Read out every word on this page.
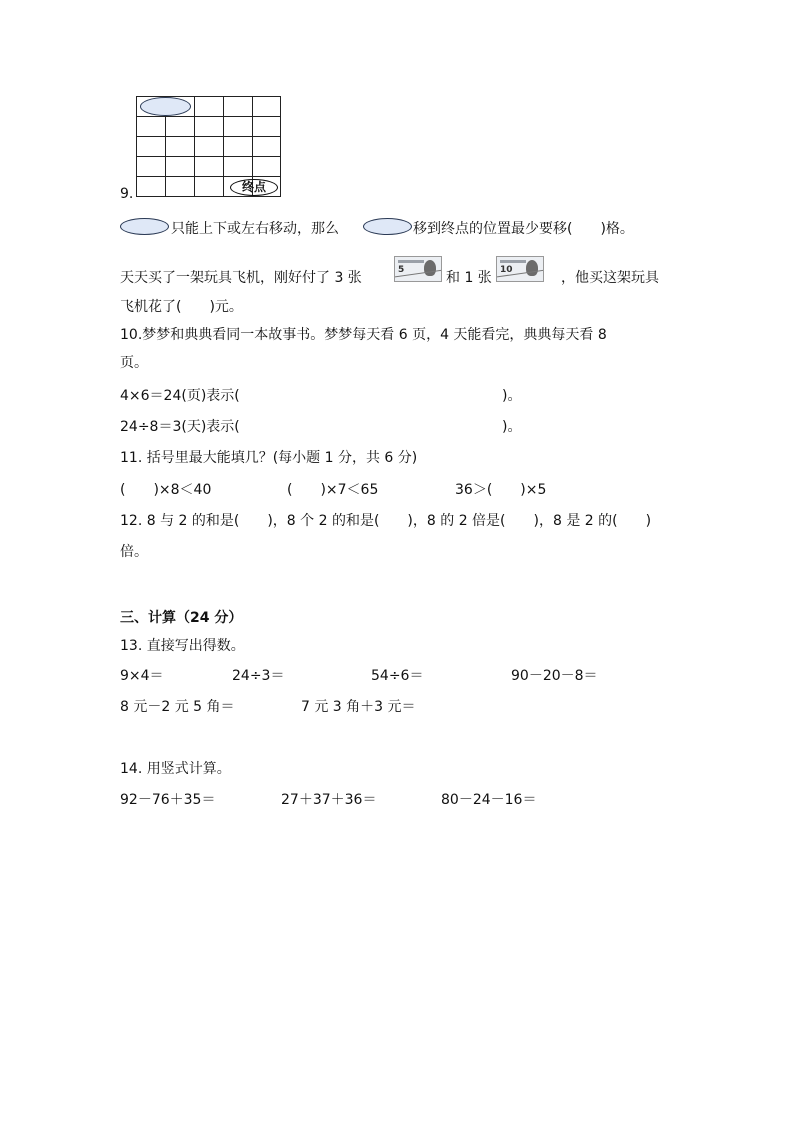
终点
9.
只能上下或左右移动，那么	移到终点的位置最少要移(　　)格。
天天买了一架玩具飞机，刚好付了 3 张	5	和 1 张 10	，他买这架玩具
飞机花了(　　)元。
10.梦梦和典典看同一本故事书。梦梦每天看 6 页，4 天能看完，典典每天看 8
页。
4×6＝24(页)表示(	)。
24÷8＝3(天)表示(	)。
11. 括号里最大能填几？(每小题 1 分，共 6 分)
(　　)×8＜40	(　　)×7＜65	36＞(　　)×5
12. 8 与 2 的和是(　　)，8 个 2 的和是(　　)，8 的 2 倍是(　　)，8 是 2 的(　　)
倍。
三、计算（24 分）
13. 直接写出得数。
9×4＝	24÷3＝	54÷6＝	90－20－8＝
8 元－2 元 5 角＝	7 元 3 角＋3 元＝
14. 用竖式计算。
92－76＋35＝	27＋37＋36＝	80－24－16＝
